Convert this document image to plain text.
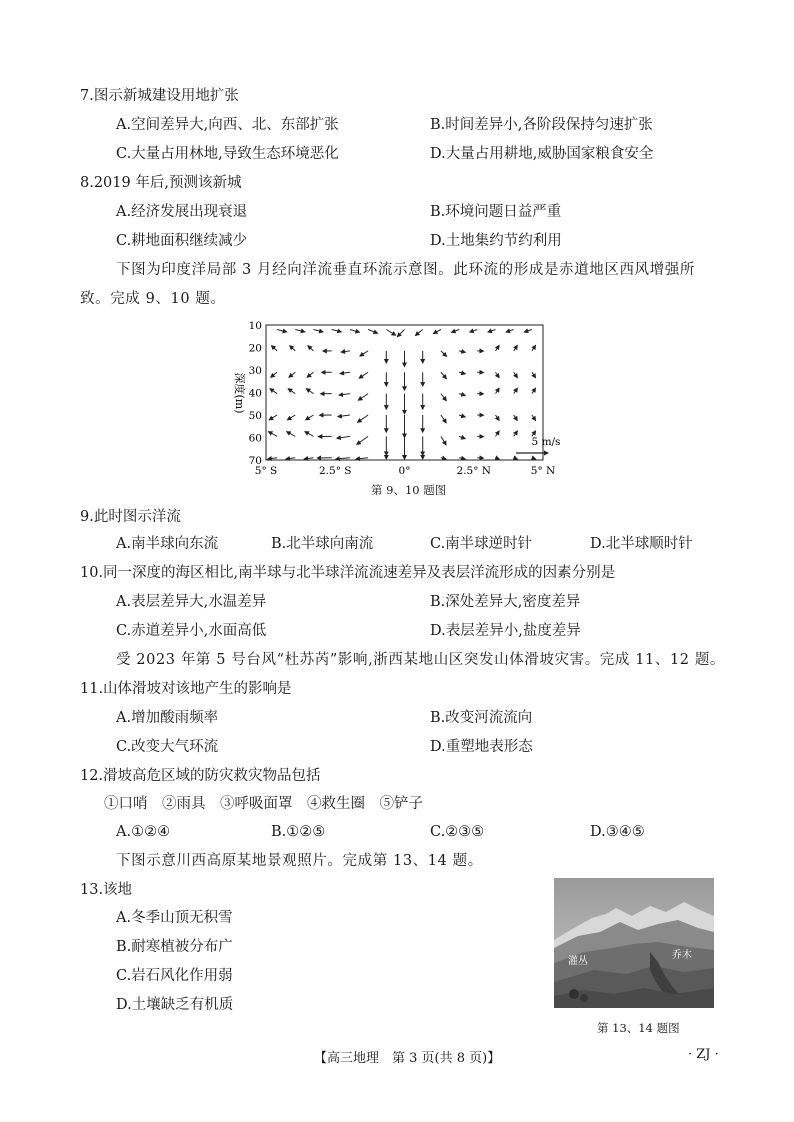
7.图示新城建设用地扩张
A.空间差异大,向西、北、东部扩张	B.时间差异小,各阶段保持匀速扩张
C.大量占用林地,导致生态环境恶化	D.大量占用耕地,威胁国家粮食安全
8.2019 年后,预测该新城
A.经济发展出现衰退	B.环境问题日益严重
C.耕地面积继续减少	D.土地集约节约利用
下图为印度洋局部 3 月经向洋流垂直环流示意图。此环流的形成是赤道地区西风增强所
致。完成 9、10 题。
10
20
30
40
50
60
70
5° S	2.5° S	0°	2.5° N	5° N
深度(m)
5 m/s
第 9、10 题图
9.此时图示洋流
A.南半球向东流	B.北半球向南流	C.南半球逆时针	D.北半球顺时针
10.同一深度的海区相比,南半球与北半球洋流流速差异及表层洋流形成的因素分别是
A.表层差异大,水温差异	B.深处差异大,密度差异
C.赤道差异小,水面高低	D.表层差异小,盐度差异
受 2023 年第 5 号台风“杜苏芮”影响,浙西某地山区突发山体滑坡灾害。完成 11、12 题。
11.山体滑坡对该地产生的影响是
A.增加酸雨频率	B.改变河流流向
C.改变大气环流	D.重塑地表形态
12.滑坡高危区域的防灾救灾物品包括
①口哨　②雨具　③呼吸面罩　④救生圈　⑤铲子
A.①②④	B.①②⑤	C.②③⑤	D.③④⑤
下图示意川西高原某地景观照片。完成第 13、14 题。
13.该地
A.冬季山顶无积雪
B.耐寒植被分布广
C.岩石风化作用弱
D.土壤缺乏有机质
灌丛
乔木
第 13、14 题图
【高三地理　第 3 页(共 8 页)】	· ZJ ·
